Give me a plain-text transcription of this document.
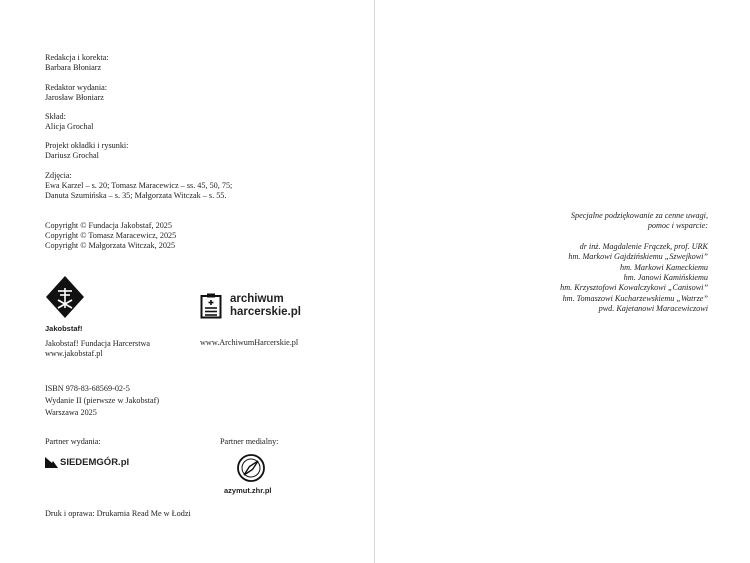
Redakcja i korekta:
Barbara Błoniarz
Redaktor wydania:
Jarosław Błoniarz
Skład:
Alicja Grochal
Projekt okładki i rysunki:
Dariusz Grochal
Zdjęcia:
Ewa Karzel – s. 20; Tomasz Maracewicz – ss. 45, 50, 75;
Danuta Szumińska – s. 35; Małgorzata Witczak – s. 55.
Copyright © Fundacja Jakobstaf, 2025
Copyright © Tomasz Maracewicz, 2025
Copyright © Małgorzata Witczak, 2025
Jakobstaf!
Jakobstaf! Fundacja Harcerstwa
www.jakobstaf.pl
archiwum
harcerskie.pl
www.ArchiwumHarcerskie.pl
ISBN 978-83-68569-02-5
Wydanie II (pierwsze w Jakobstaf)
Warszawa 2025
Partner wydania:
SIEDEMGÓR.pl
Partner medialny:
azymut.zhr.pl
Druk i oprawa: Drukarnia Read Me w Łodzi
Specjalne podziękowanie za cenne uwagi,
pomoc i wsparcie:
dr inż. Magdalenie Frączek, prof. URK
hm. Markowi Gajdzińskiemu „Szwejkowi”
hm. Markowi Kameckiemu
hm. Janowi Kamińskiemu
hm. Krzysztofowi Kowalczykowi „Canisowi”
hm. Tomaszowi Kucharzewskiemu „Watrze”
pwd. Kajetanowi Maracewiczowi
